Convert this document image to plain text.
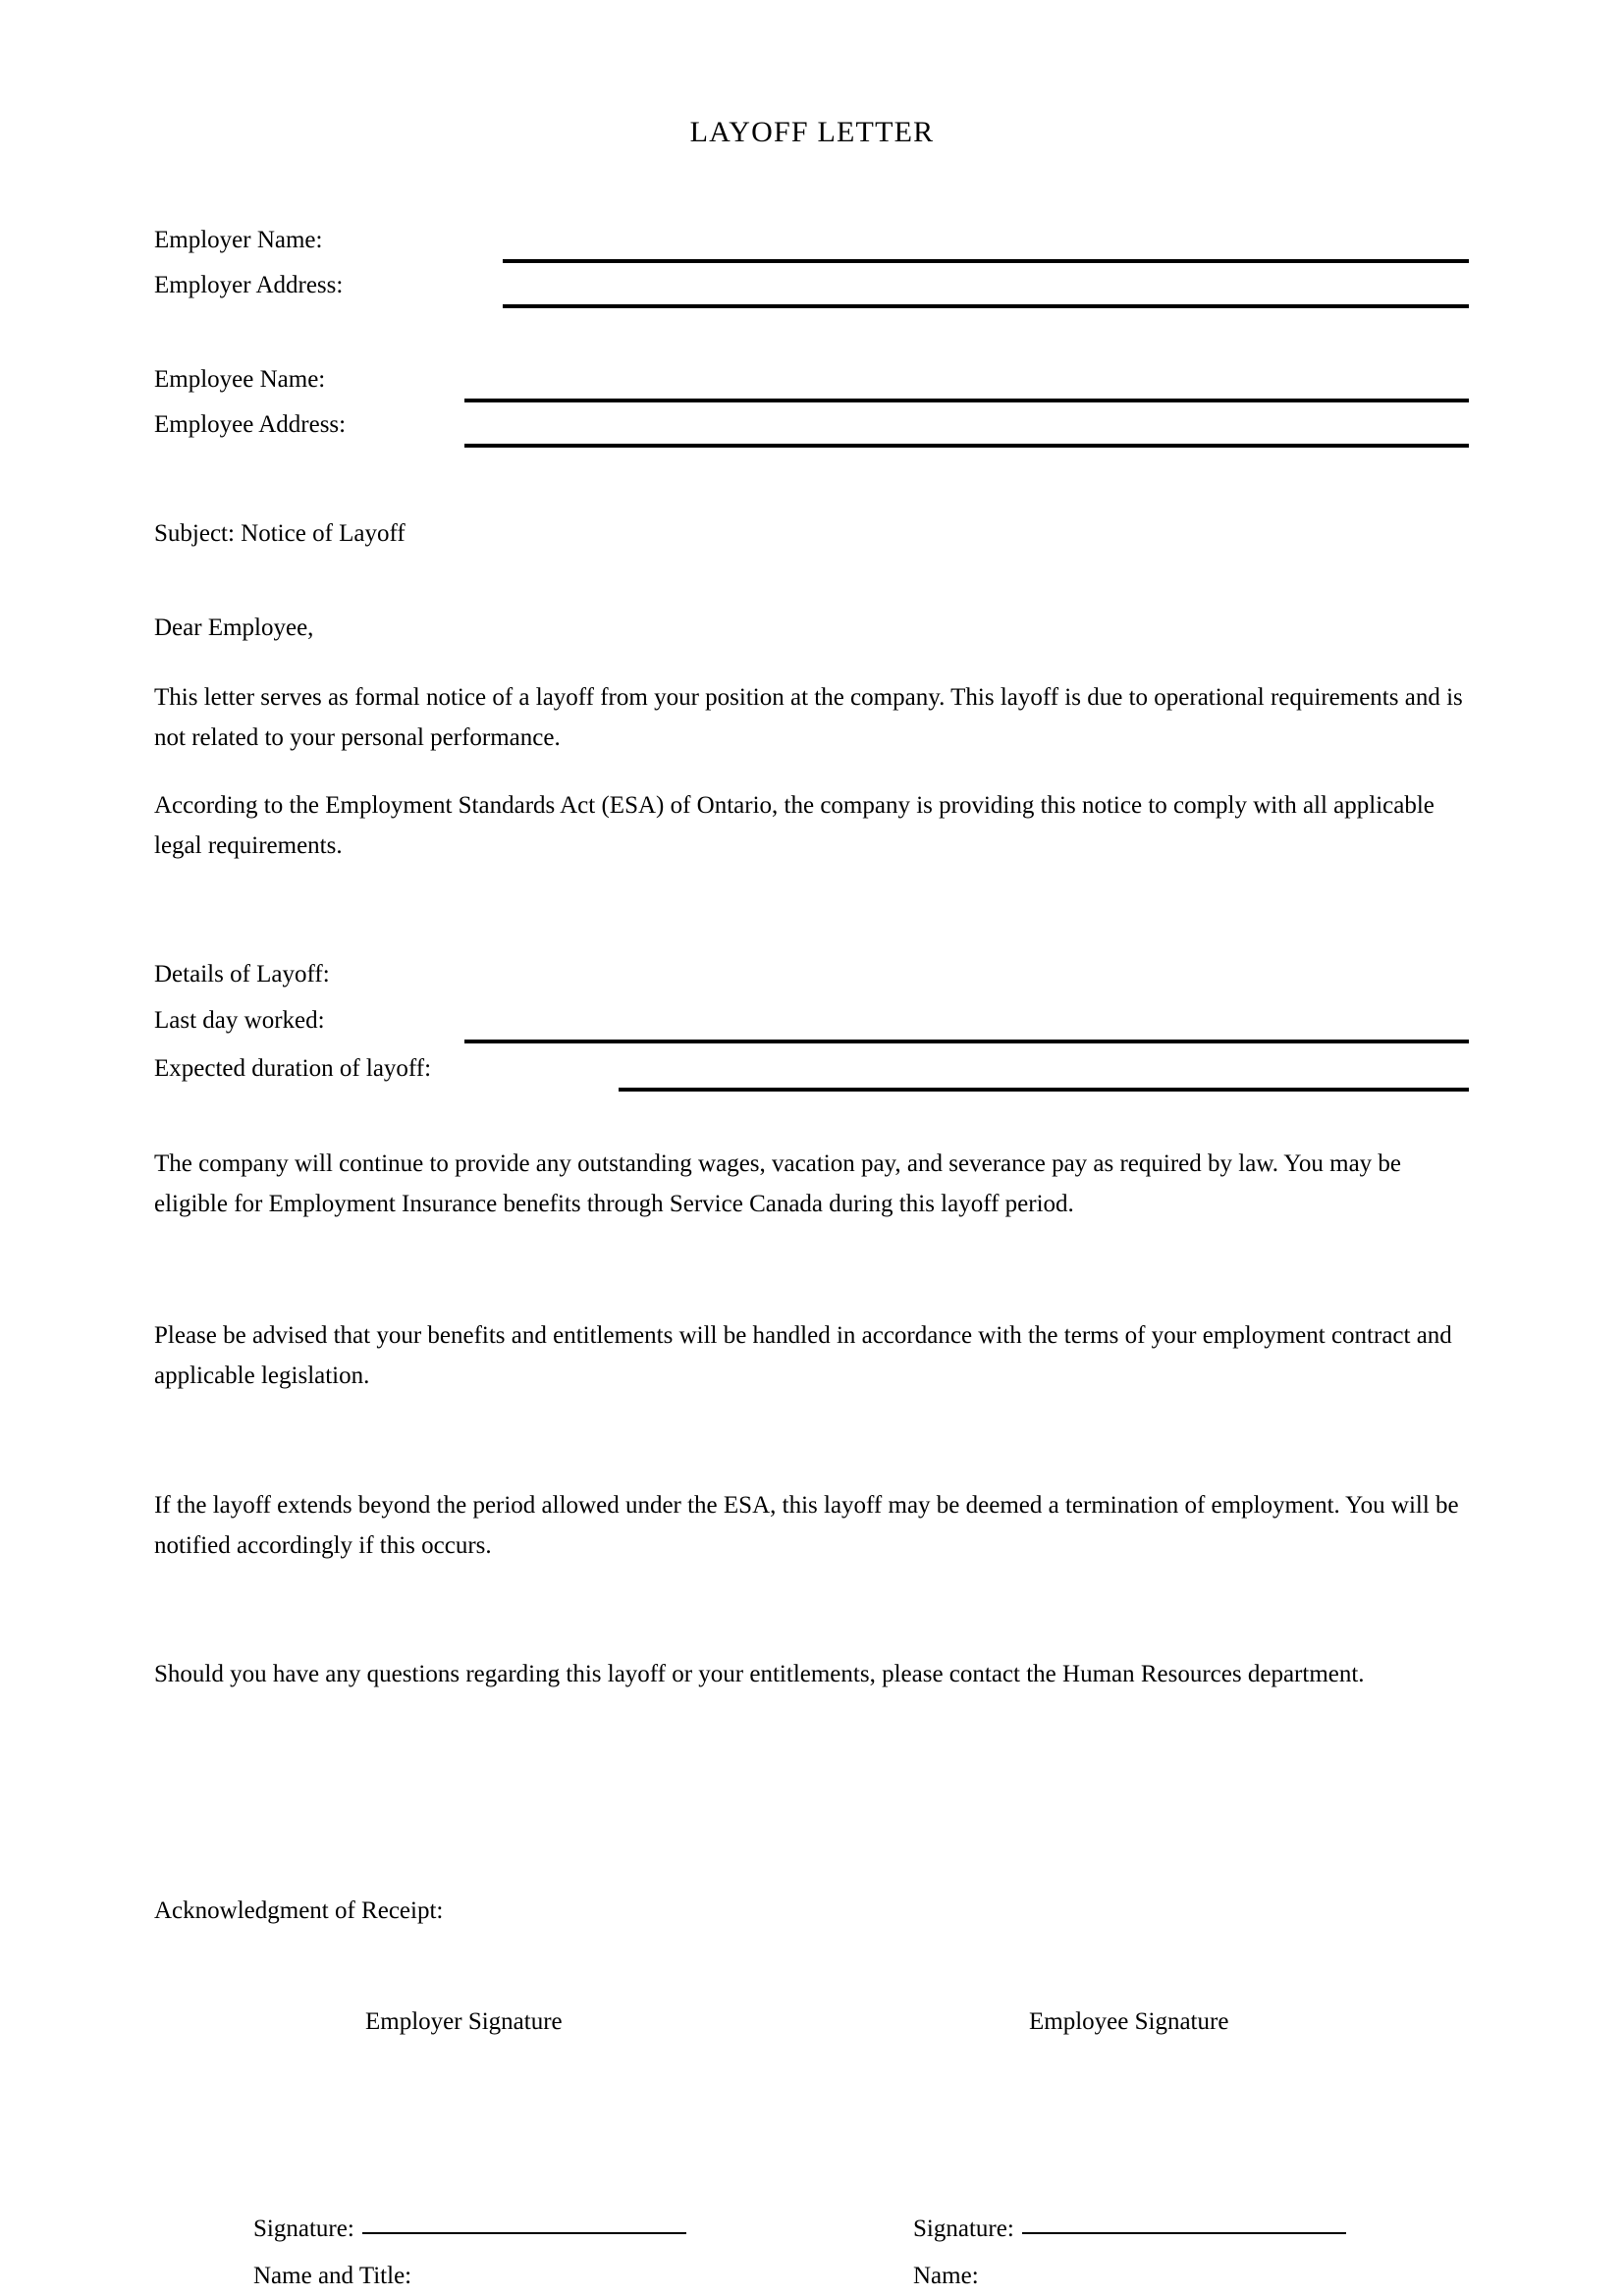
LAYOFF LETTER
Employer Name:
Employer Address:
Employee Name:
Employee Address:
Subject: Notice of Layoff
Dear Employee,
This letter serves as formal notice of a layoff from your position at the company. This layoff is due to operational requirements and is not related to your personal performance.
According to the Employment Standards Act (ESA) of Ontario, the company is providing this notice to comply with all applicable legal requirements.
Details of Layoff:
Last day worked:
Expected duration of layoff:
The company will continue to provide any outstanding wages, vacation pay, and severance pay as required by law. You may be eligible for Employment Insurance benefits through Service Canada during this layoff period.
Please be advised that your benefits and entitlements will be handled in accordance with the terms of your employment contract and applicable legislation.
If the layoff extends beyond the period allowed under the ESA, this layoff may be deemed a termination of employment. You will be notified accordingly if this occurs.
Should you have any questions regarding this layoff or your entitlements, please contact the Human Resources department.
Acknowledgment of Receipt:
Employer Signature	Employee Signature
Signature:
Name and Title:
Signature:
Name:
